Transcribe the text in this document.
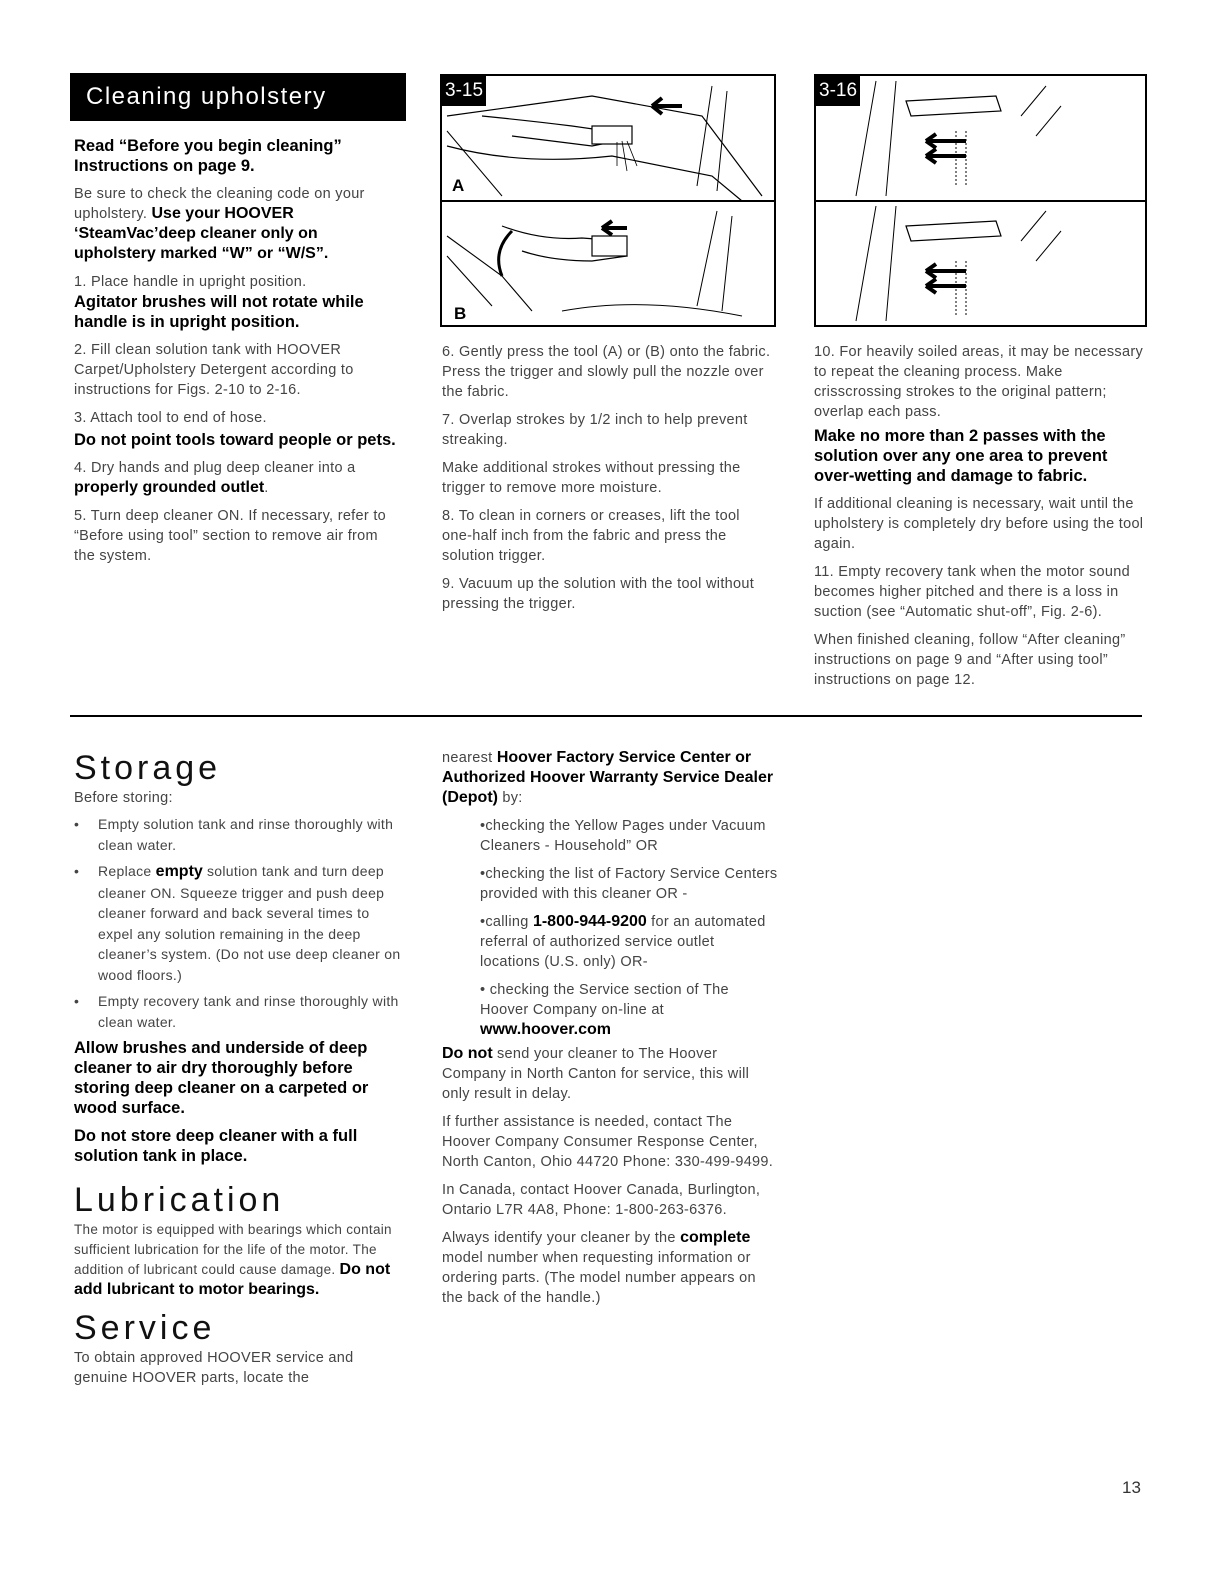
Cleaning upholstery

Read “Before you begin cleaning” Instructions on page 9.

Be sure to check the cleaning code on your upholstery. Use your HOOVER ‘SteamVac’deep cleaner only on upholstery marked “W” or “W/S”.

1. Place handle in upright position.

Agitator brushes will not rotate while handle is in upright position.

2. Fill clean solution tank with HOOVER Carpet/Upholstery Detergent according to instructions for Figs. 2-10 to 2-16.

3. Attach tool to end of hose.

Do not point tools toward people or pets.

4. Dry hands and plug deep cleaner into a properly grounded outlet.

5. Turn deep cleaner ON. If necessary, refer to “Before using tool” section to remove air from the system.

3-15
A
B
3-16

6. Gently press the tool (A) or (B) onto the fabric. Press the trigger and slowly pull the nozzle over the fabric.

7. Overlap strokes by 1/2 inch to help prevent streaking.

Make additional strokes without pressing the trigger to remove more moisture.

8. To clean in corners or creases, lift the tool one-half inch from the fabric and press the solution trigger.

9. Vacuum up the solution with the tool without pressing the trigger.

10. For heavily soiled areas, it may be necessary to repeat the cleaning process. Make crisscrossing strokes to the original pattern; overlap each pass.

Make no more than 2 passes with the solution over any one area to prevent over-wetting and damage to fabric.

If additional cleaning is necessary, wait until the upholstery is completely dry before using the tool again.

11. Empty recovery tank when the motor sound becomes higher pitched and there is a loss in suction (see “Automatic shut-off”, Fig. 2-6).

When finished cleaning, follow “After cleaning” instructions on page 9 and “After using tool” instructions on page 12.

Storage

Before storing:

• Empty solution tank and rinse thoroughly with clean water.
• Replace empty solution tank and turn deep cleaner ON. Squeeze trigger and push deep cleaner forward and back several times to expel any solution remaining in the deep cleaner’s system. (Do not use deep cleaner on wood floors.)
• Empty recovery tank and rinse thoroughly with clean water.

Allow brushes and underside of deep cleaner to air dry thoroughly before storing deep cleaner on a carpeted or wood surface.

Do not store deep cleaner with a full solution tank in place.

Lubrication

The motor is equipped with bearings which contain sufficient lubrication for the life of the motor. The addition of lubricant could cause damage. Do not add lubricant to motor bearings.

Service

To obtain approved HOOVER service and genuine HOOVER parts, locate the

nearest Hoover Factory Service Center or Authorized Hoover Warranty Service Dealer (Depot) by:

•checking the Yellow Pages under Vacuum Cleaners - Household” OR

•checking the list of Factory Service Centers provided with this cleaner OR -

•calling 1-800-944-9200 for an automated referral of authorized service outlet locations (U.S. only) OR-

• checking the Service section of The Hoover Company on-line at www.hoover.com

Do not send your cleaner to The Hoover Company in North Canton for service, this will only result in delay.

If further assistance is needed, contact The Hoover Company Consumer Response Center, North Canton, Ohio 44720 Phone: 330-499-9499.

In Canada, contact Hoover Canada, Burlington, Ontario L7R 4A8, Phone: 1-800-263-6376.

Always identify your cleaner by the complete model number when requesting information or ordering parts. (The model number appears on the back of the handle.)

13
